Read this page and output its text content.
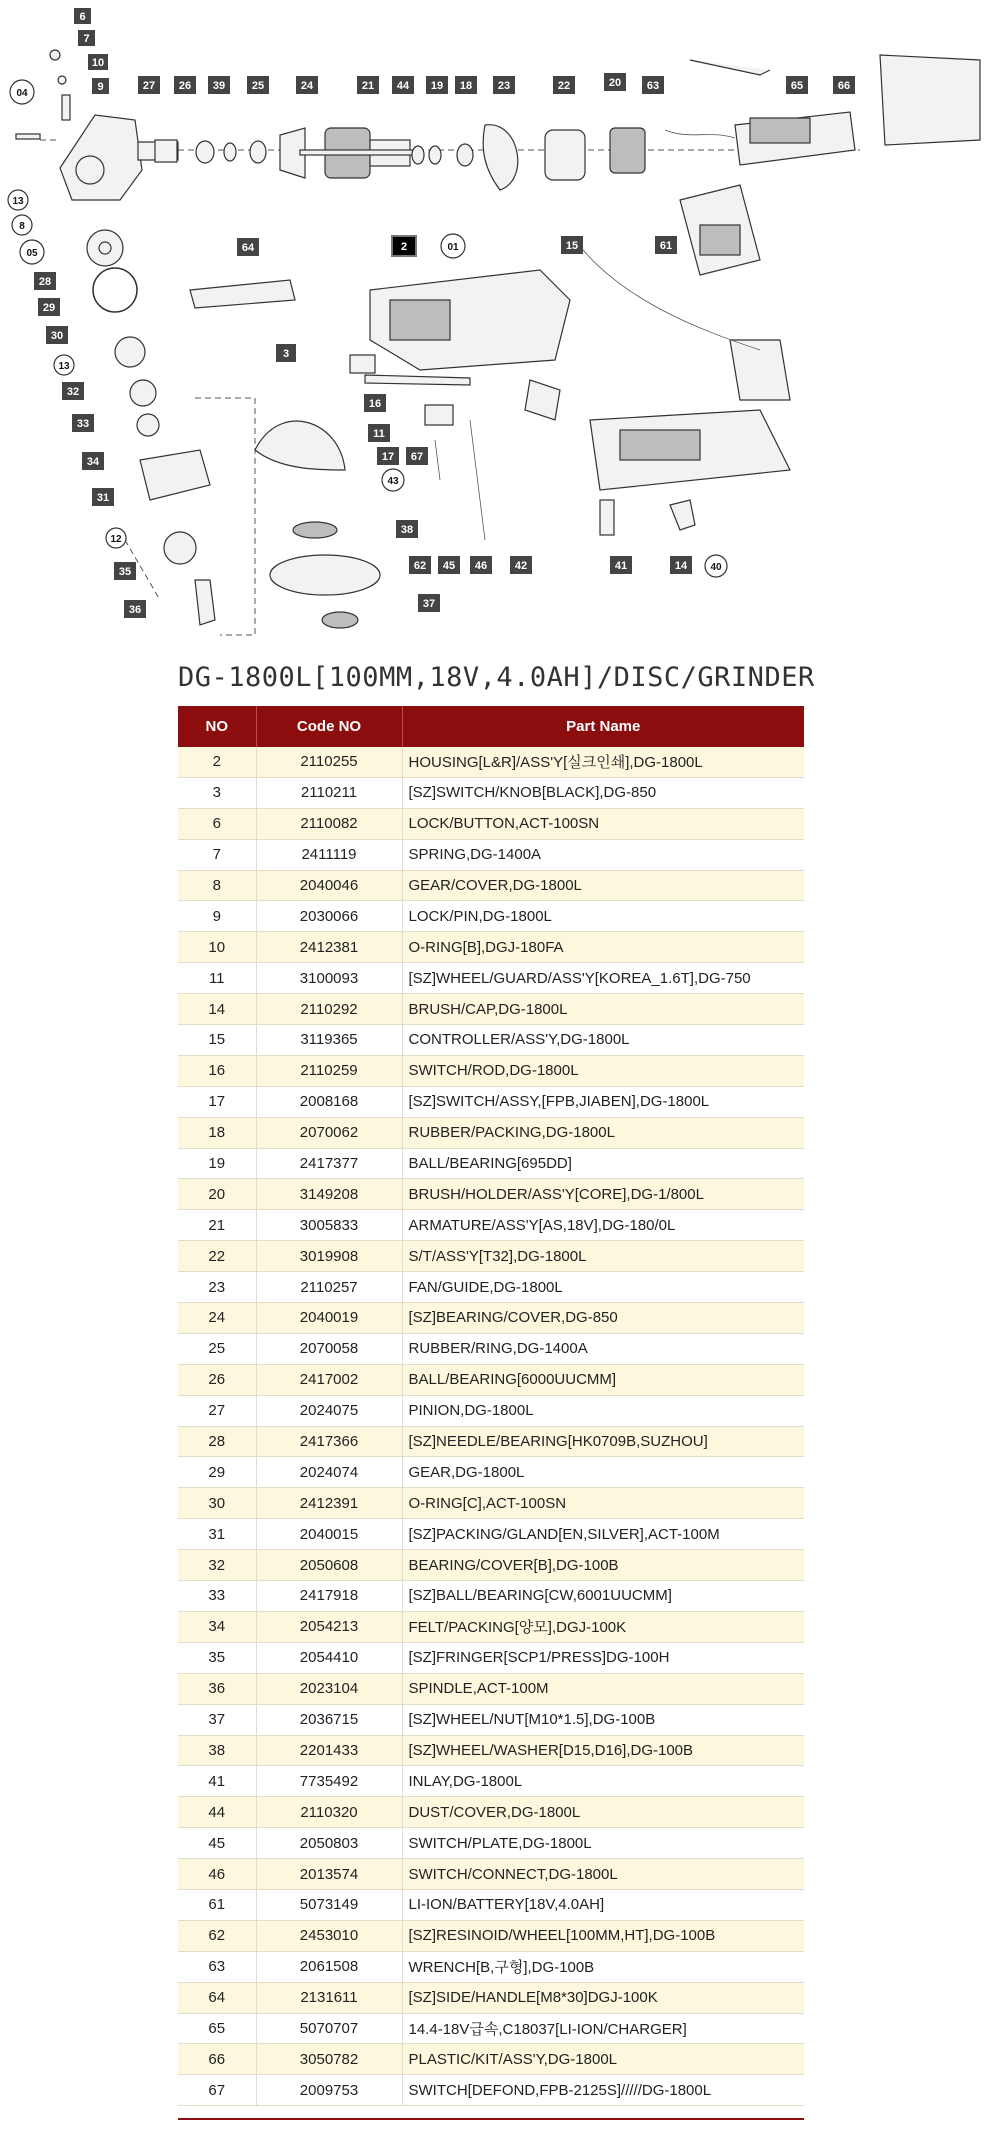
6
7
10
9
04
27 26 39 25	24	21 44 19 18 23	22	20 63	65	66
13
8
05
28
29
30
13
32
33
34
31
12
35
36
64	2	01	15	61
3
16
11
17 67
43
38
62
37
45 46	42	41	14 40
DG-1800L[100MM,18V,4.0AH]/DISC/GRINDER
NO	Code NO	Part Name
2	2110255	HOUSING[L&R]/ASS'Y[실크인쇄],DG-1800L
3	2110211	[SZ]SWITCH/KNOB[BLACK],DG-850
6	2110082	LOCK/BUTTON,ACT-100SN
7	2411119	SPRING,DG-1400A
8	2040046	GEAR/COVER,DG-1800L
9	2030066	LOCK/PIN,DG-1800L
10	2412381	O-RING[B],DGJ-180FA
11	3100093	[SZ]WHEEL/GUARD/ASS'Y[KOREA_1.6T],DG-750
14	2110292	BRUSH/CAP,DG-1800L
15	3119365	CONTROLLER/ASS'Y,DG-1800L
16	2110259	SWITCH/ROD,DG-1800L
17	2008168	[SZ]SWITCH/ASSY,[FPB,JIABEN],DG-1800L
18	2070062	RUBBER/PACKING,DG-1800L
19	2417377	BALL/BEARING[695DD]
20	3149208	BRUSH/HOLDER/ASS'Y[CORE],DG-1/800L
21	3005833	ARMATURE/ASS'Y[AS,18V],DG-180/0L
22	3019908	S/T/ASS'Y[T32],DG-1800L
23	2110257	FAN/GUIDE,DG-1800L
24	2040019	[SZ]BEARING/COVER,DG-850
25	2070058	RUBBER/RING,DG-1400A
26	2417002	BALL/BEARING[6000UUCMM]
27	2024075	PINION,DG-1800L
28	2417366	[SZ]NEEDLE/BEARING[HK0709B,SUZHOU]
29	2024074	GEAR,DG-1800L
30	2412391	O-RING[C],ACT-100SN
31	2040015	[SZ]PACKING/GLAND[EN,SILVER],ACT-100M
32	2050608	BEARING/COVER[B],DG-100B
33	2417918	[SZ]BALL/BEARING[CW,6001UUCMM]
34	2054213	FELT/PACKING[양모],DGJ-100K
35	2054410	[SZ]FRINGER[SCP1/PRESS]DG-100H
36	2023104	SPINDLE,ACT-100M
37	2036715	[SZ]WHEEL/NUT[M10*1.5],DG-100B
38	2201433	[SZ]WHEEL/WASHER[D15,D16],DG-100B
41	7735492	INLAY,DG-1800L
44	2110320	DUST/COVER,DG-1800L
45	2050803	SWITCH/PLATE,DG-1800L
46	2013574	SWITCH/CONNECT,DG-1800L
61	5073149	LI-ION/BATTERY[18V,4.0AH]
62	2453010	[SZ]RESINOID/WHEEL[100MM,HT],DG-100B
63	2061508	WRENCH[B,구형],DG-100B
64	2131611	[SZ]SIDE/HANDLE[M8*30]DGJ-100K
65	5070707	14.4-18V급속,C18037[LI-ION/CHARGER]
66	3050782	PLASTIC/KIT/ASS'Y,DG-1800L
67	2009753	SWITCH[DEFOND,FPB-2125S]/////DG-1800L
